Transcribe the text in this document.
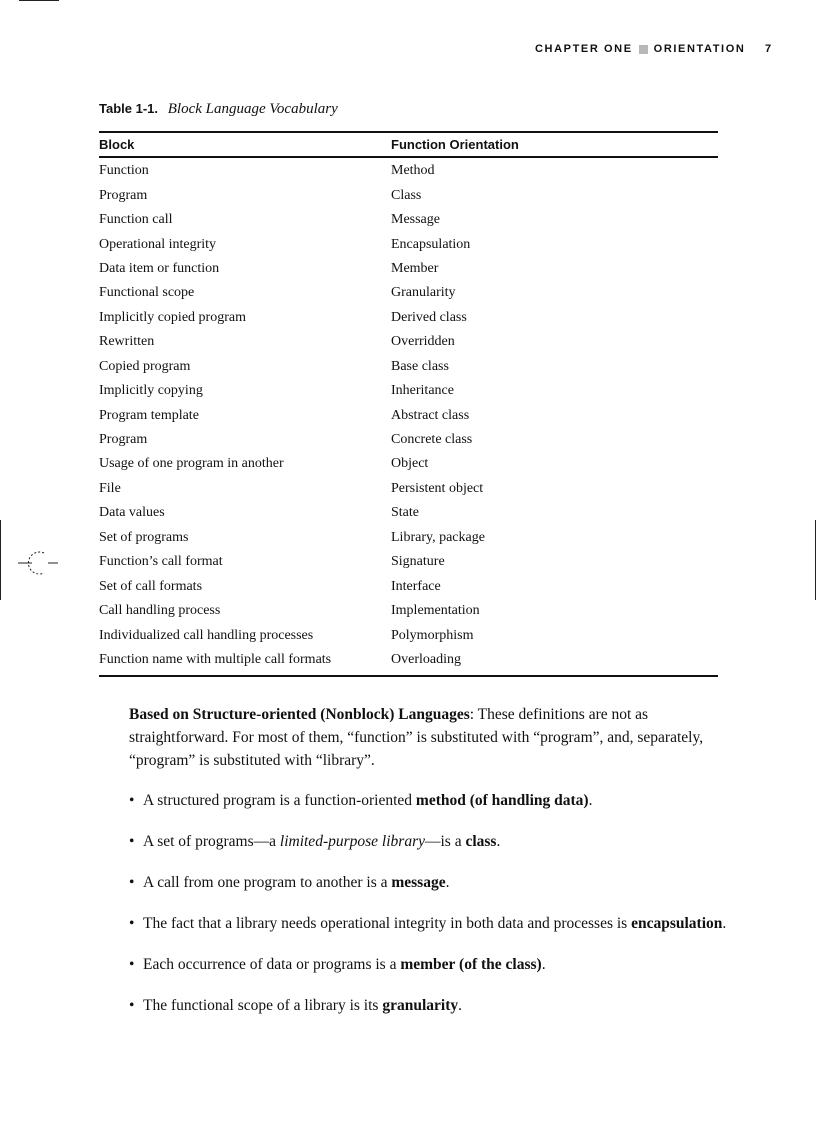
CHAPTER ONE ORIENTATION 7
Table 1-1. Block Language Vocabulary
Block	Function Orientation
Function	Method
Program	Class
Function call	Message
Operational integrity	Encapsulation
Data item or function	Member
Functional scope	Granularity
Implicitly copied program	Derived class
Rewritten	Overridden
Copied program	Base class
Implicitly copying	Inheritance
Program template	Abstract class
Program	Concrete class
Usage of one program in another	Object
File	Persistent object
Data values	State
Set of programs	Library, package
Function’s call format	Signature
Set of call formats	Interface
Call handling process	Implementation
Individualized call handling processes	Polymorphism
Function name with multiple call formats	Overloading

Based on Structure-oriented (Nonblock) Languages: These definitions are not as straightforward. For most of them, “function” is substituted with “program”, and, separately, “program” is substituted with “library”.

• A structured program is a function-oriented method (of handling data).
• A set of programs—a limited-purpose library—is a class.
• A call from one program to another is a message.
• The fact that a library needs operational integrity in both data and processes is encapsulation.
• Each occurrence of data or programs is a member (of the class).
• The functional scope of a library is its granularity.
